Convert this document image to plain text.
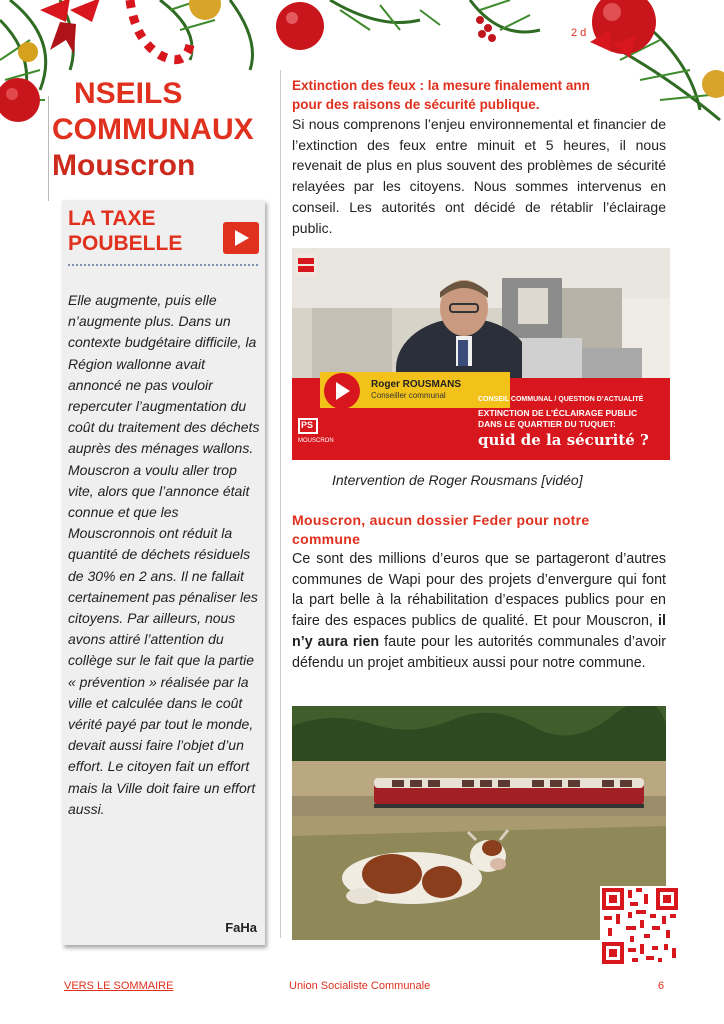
2 d
NSEILS
COMMUNAUX
Mouscron
LA TAXE
POUBELLE
Elle augmente, puis elle n’augmente plus. Dans un contexte budgétaire difficile, la Région wallonne avait annoncé ne pas vouloir repercuter l’augmentation du coût du traitement des déchets auprès des ménages wallons. Mouscron a voulu aller trop vite, alors que l’annonce était connue et que les Mouscronnois ont réduit la quantité de déchets résiduels de 30% en 2 ans. Il ne fallait certainement pas pénaliser les citoyens. Par ailleurs, nous avons attiré l’attention du collège sur le fait que la partie « prévention » réalisée par la ville et calculée dans le coût vérité payé par tout le monde, devait aussi faire l’objet d’un effort. Le citoyen fait un effort mais la Ville doit faire un effort aussi.
FaHa
Extinction des feux : la mesure finalement ann
pour des raisons de sécurité publique.
Si nous comprenons l’enjeu environnemental et financier de l’extinction des feux entre minuit et 5 heures, il nous revenait de plus en plus souvent des problèmes de sécurité relayées par les citoyens. Nous sommes intervenus en conseil. Les autorités ont décidé de rétablir l’éclairage public.
Roger ROUSMANS
Conseiller communal	CONSEIL COMMUNAL / QUESTION D’ACTUALITÉ
EXTINCTION DE L’ÉCLAIRAGE PUBLIC
DANS LE QUARTIER DU TUQUET:
quid de la sécurité ?
PS
MOUSCRON
Intervention de Roger Rousmans [vidéo]
Mouscron, aucun dossier Feder pour notre
commune
Ce sont des millions d’euros que se partageront d’autres communes de Wapi pour des projets d’envergure qui font la part belle à la réhabilitation d’espaces publics pour en faire des espaces publics de qualité. Et pour Mouscron, il n’y aura rien faute pour les autorités communales d’avoir défendu un projet ambitieux aussi pour notre commune.
VERS LE SOMMAIRE	Union Socialiste Communale	6
